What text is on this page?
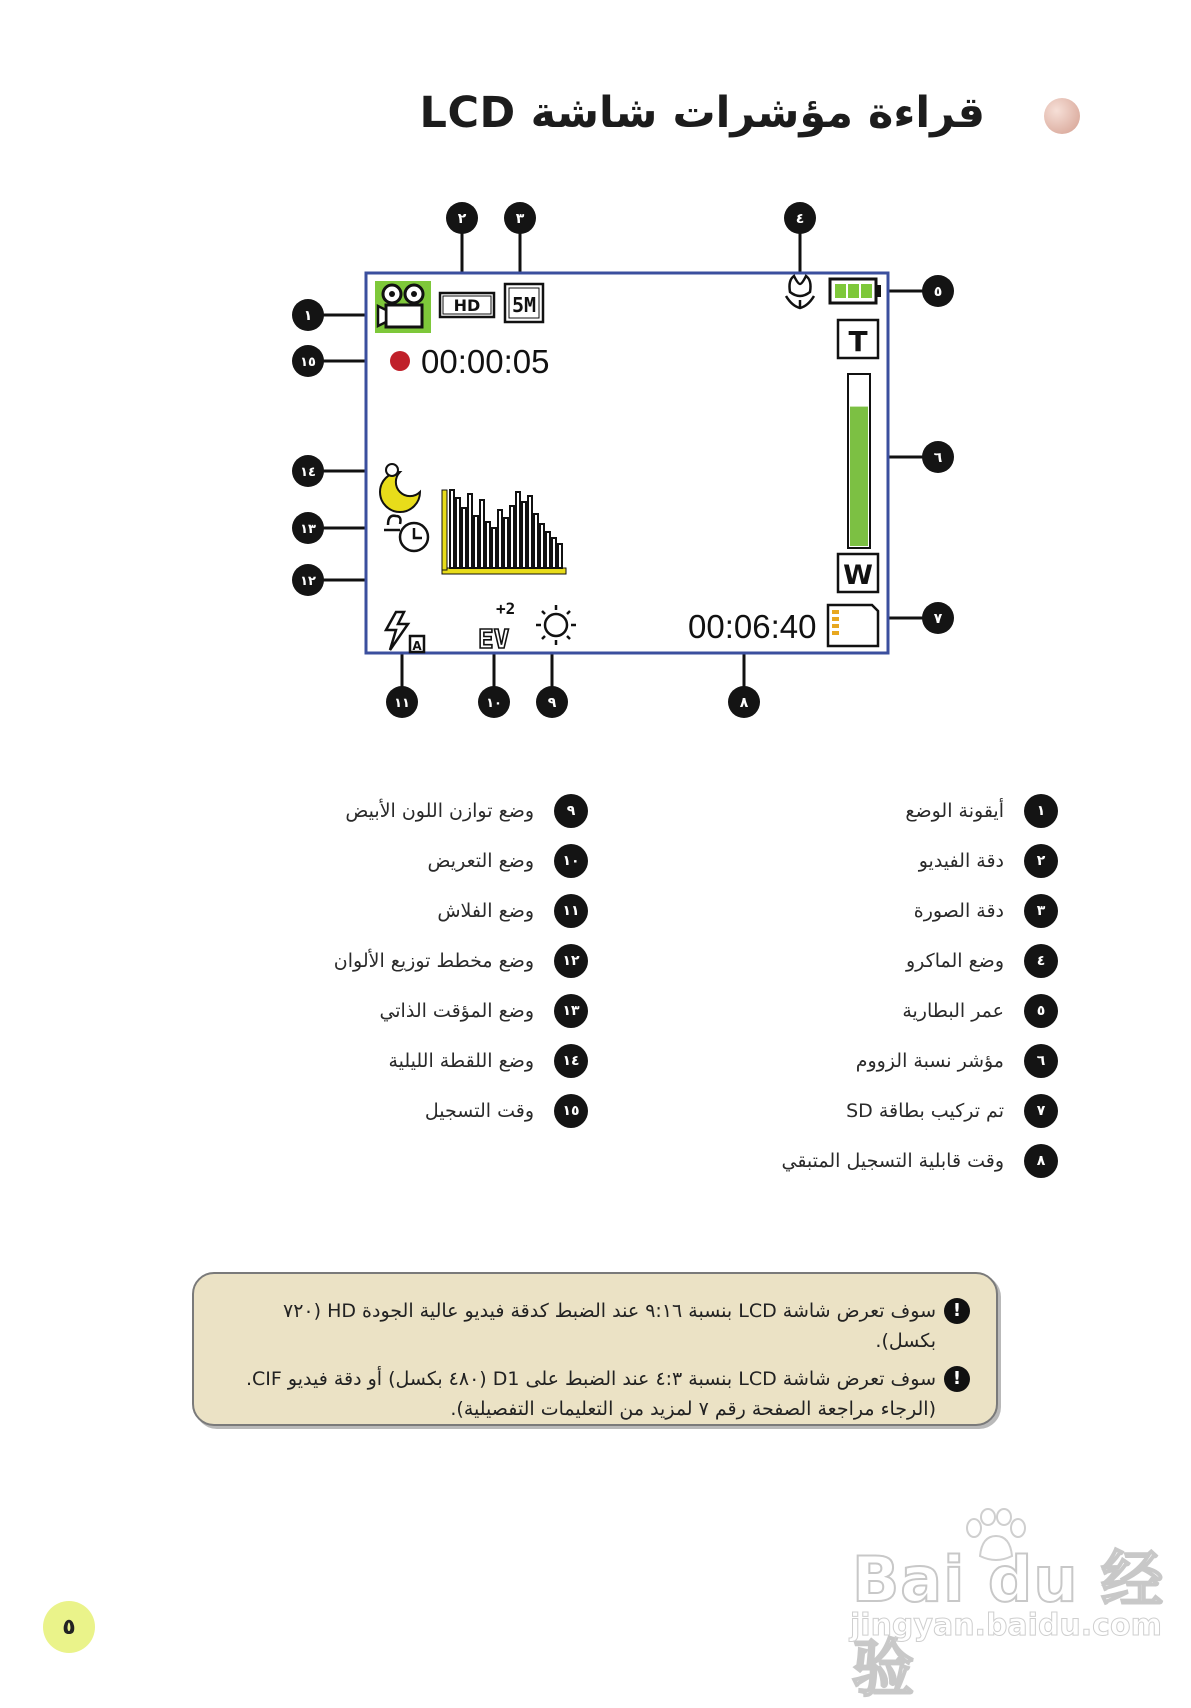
قراءة مؤشرات شاشة LCD
HD 5M
00:00:05
T
W
A
+2
EV	00:06:40
٢	٣	٤
٥
٦
٧
٨
٩
١٠
١١
١
١٥
١٤
١٣
١٢
أيقونة الوضع	١
دقة الفيديو	٢
دقة الصورة	٣
وضع الماكرو	٤
عمر البطارية	٥
مؤشر نسبة الزووم	٦
تم تركيب بطاقة SD	٧
وقت قابلية التسجيل المتبقي	٨
وضع توازن اللون الأبيض	٩
وضع التعريض	١٠
وضع الفلاش	١١
وضع مخطط توزيع الألوان	١٢
وضع المؤقت الذاتي	١٣
وضع اللقطة الليلية	١٤
وقت التسجيل	١٥
!
سوف تعرض شاشة LCD بنسبة ٩:١٦ عند الضبط كدقة فيديو عالية الجودة HD (٧٢٠ بكسل).
!
سوف تعرض شاشة LCD بنسبة ٤:٣ عند الضبط على D1 (٤٨٠ بكسل) أو دقة فيديو CIF.
(الرجاء مراجعة الصفحة رقم ٧ لمزيد من التعليمات التفصيلية).
٥
Bai du 经验
jingyan.baidu.com
